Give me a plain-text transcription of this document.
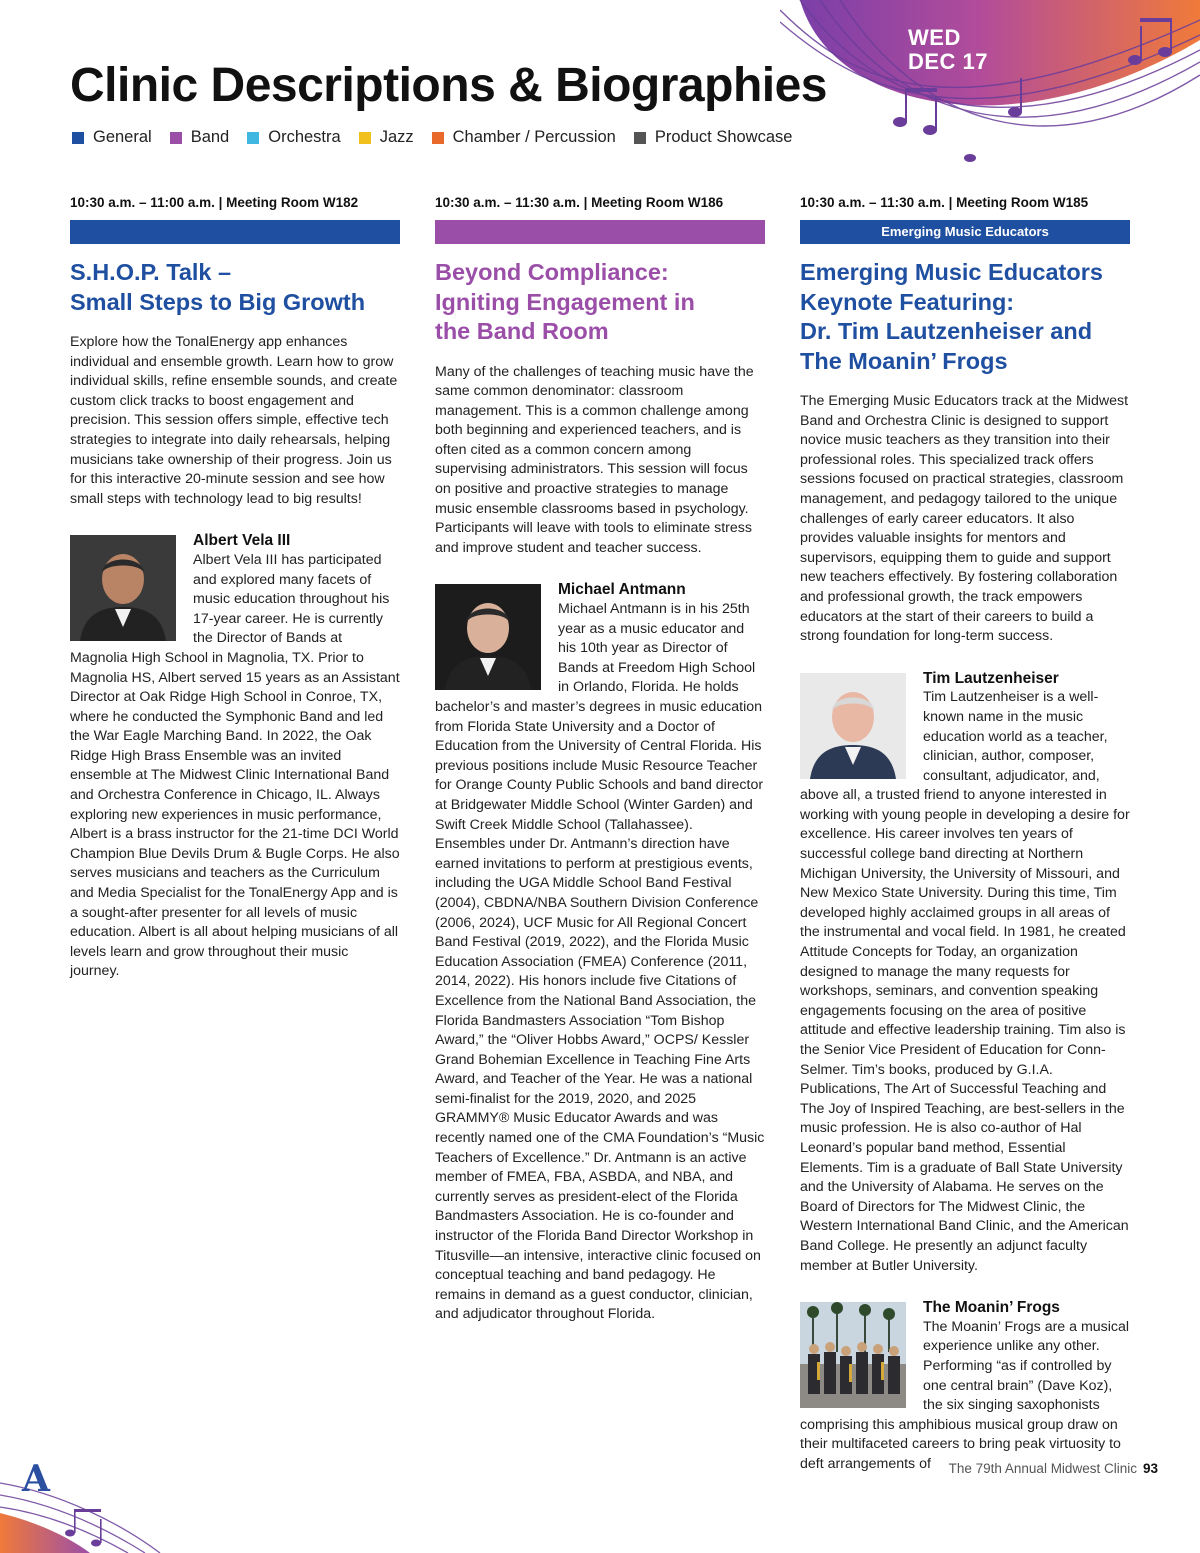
WED
DEC 17
Clinic Descriptions & Biographies
General Band Orchestra Jazz Chamber / Percussion Product Showcase
10:30 a.m. – 11:00 a.m. | Meeting Room W182
S.H.O.P. Talk –
Small Steps to Big Growth

Explore how the TonalEnergy app enhances individual and ensemble growth. Learn how to grow individual skills, refine ensemble sounds, and create custom click tracks to boost engagement and precision. This session offers simple, effective tech strategies to integrate into daily rehearsals, helping musicians take ownership of their progress. Join us for this interactive 20-minute session and see how small steps with technology lead to big results!

Albert Vela III

Albert Vela III has participated and explored many facets of music education throughout his 17-year career. He is currently the Director of Bands at Magnolia High School in Magnolia, TX. Prior to Magnolia HS, Albert served 15 years as an Assistant Director at Oak Ridge High School in Conroe, TX, where he conducted the Symphonic Band and led the War Eagle Marching Band. In 2022, the Oak Ridge High Brass Ensemble was an invited ensemble at The Midwest Clinic International Band and Orchestra Conference in Chicago, IL. Always exploring new experiences in music performance, Albert is a brass instructor for the 21-time DCI World Champion Blue Devils Drum & Bugle Corps. He also serves musicians and teachers as the Curriculum and Media Specialist for the TonalEnergy App and is a sought-after presenter for all levels of music education. Albert is all about helping musicians of all levels learn and grow throughout their music journey.

10:30 a.m. – 11:30 a.m. | Meeting Room W186
Beyond Compliance:
Igniting Engagement in
the Band Room

Many of the challenges of teaching music have the same common denominator: classroom management. This is a common challenge among both beginning and experienced teachers, and is often cited as a common concern among supervising administrators. This session will focus on positive and proactive strategies to manage music ensemble classrooms based in psychology. Participants will leave with tools to eliminate stress and improve student and teacher success.

Michael Antmann

Michael Antmann is in his 25th year as a music educator and his 10th year as Director of Bands at Freedom High School in Orlando, Florida. He holds bachelor’s and master’s degrees in music education from Florida State University and a Doctor of Education from the University of Central Florida. His previous positions include Music Resource Teacher for Orange County Public Schools and band director at Bridgewater Middle School (Winter Garden) and Swift Creek Middle School (Tallahassee). Ensembles under Dr. Antmann’s direction have earned invitations to perform at prestigious events, including the UGA Middle School Band Festival (2004), CBDNA/NBA Southern Division Conference (2006, 2024), UCF Music for All Regional Concert Band Festival (2019, 2022), and the Florida Music Education Association (FMEA) Conference (2011, 2014, 2022). His honors include five Citations of Excellence from the National Band Association, the Florida Bandmasters Association “Tom Bishop Award,” the “Oliver Hobbs Award,” OCPS/ Kessler Grand Bohemian Excellence in Teaching Fine Arts Award, and Teacher of the Year. He was a national semi-finalist for the 2019, 2020, and 2025 GRAMMY® Music Educator Awards and was recently named one of the CMA Foundation’s “Music Teachers of Excellence.” Dr. Antmann is an active member of FMEA, FBA, ASBDA, and NBA, and currently serves as president-elect of the Florida Bandmasters Association. He is co-founder and instructor of the Florida Band Director Workshop in Titusville—an intensive, interactive clinic focused on conceptual teaching and band pedagogy. He remains in demand as a guest conductor, clinician, and adjudicator throughout Florida.

10:30 a.m. – 11:30 a.m. | Meeting Room W185
Emerging Music Educators
Emerging Music Educators
Keynote Featuring:
Dr. Tim Lautzenheiser and
The Moanin’ Frogs

The Emerging Music Educators track at the Midwest Band and Orchestra Clinic is designed to support novice music teachers as they transition into their professional roles. This specialized track offers sessions focused on practical strategies, classroom management, and pedagogy tailored to the unique challenges of early career educators. It also provides valuable insights for mentors and supervisors, equipping them to guide and support new teachers effectively. By fostering collaboration and professional growth, the track empowers educators at the start of their careers to build a strong foundation for long-term success.

Tim Lautzenheiser

Tim Lautzenheiser is a well-known name in the music education world as a teacher, clinician, author, composer, consultant, adjudicator, and, above all, a trusted friend to anyone interested in working with young people in developing a desire for excellence. His career involves ten years of successful college band directing at Northern Michigan University, the University of Missouri, and New Mexico State University. During this time, Tim developed highly acclaimed groups in all areas of the instrumental and vocal field. In 1981, he created Attitude Concepts for Today, an organization designed to manage the many requests for workshops, seminars, and convention speaking engagements focusing on the area of positive attitude and effective leadership training. Tim also is the Senior Vice President of Education for Conn-Selmer. Tim’s books, produced by G.I.A. Publications, The Art of Successful Teaching and The Joy of Inspired Teaching, are best-sellers in the music profession. He is also co-author of Hal Leonard’s popular band method, Essential Elements. Tim is a graduate of Ball State University and the University of Alabama. He serves on the Board of Directors for The Midwest Clinic, the Western International Band Clinic, and the American Band College. He presently an adjunct faculty member at Butler University.

The Moanin’ Frogs

The Moanin’ Frogs are a musical experience unlike any other. Performing “as if controlled by one central brain” (Dave Koz), the six singing saxophonists comprising this amphibious musical group draw on their multifaceted careers to bring peak virtuosity to deft arrangements of

A	The 79th Annual Midwest Clinic 93
